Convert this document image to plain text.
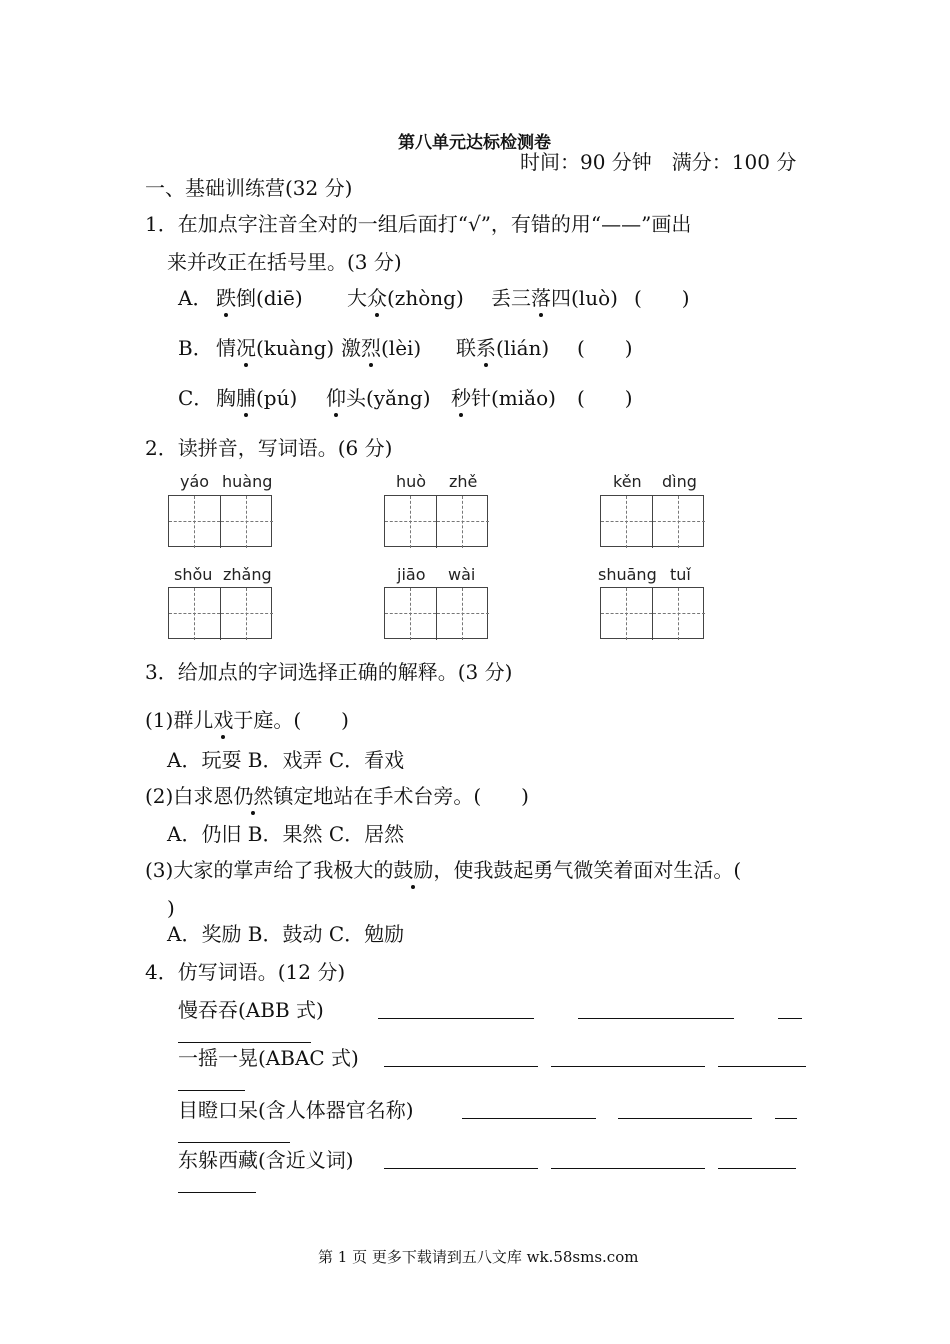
第八单元达标检测卷
时间：90 分钟　满分：100 分
一、基础训练营(32 分)
1．在加点字注音全对的一组后面打“√”，有错的用“——”画出
来并改正在括号里。(3 分)
A． 跌倒(diē) 大众(zhòng) 丢三落四(luò) (　　)
B． 情况(kuàng) 激烈(lèi) 联系(lián) (　　)
C． 胸脯(pú) 仰头(yǎng) 秒针(miǎo) (　　)
2．读拼音，写词语。(6 分)
yáo huàng	huò zhě	kěn dìng
shǒu zhǎng	jiāo wài	shuāng tuǐ
3．给加点的字词选择正确的解释。(3 分)
(1)群儿戏于庭。(　　)
A．玩耍 B．戏弄 C．看戏
(2)白求恩仍然镇定地站在手术台旁。(　　)
A．仍旧 B．果然 C．居然
(3)大家的掌声给了我极大的鼓励，使我鼓起勇气微笑着面对生活。(
)
A．奖励 B．鼓动 C．勉励
4．仿写词语。(12 分)
慢吞吞(ABB 式)
一摇一晃(ABAC 式)
目瞪口呆(含人体器官名称)
东躲西藏(含近义词)
第 1 页 更多下载请到五八文库 wk.58sms.com
